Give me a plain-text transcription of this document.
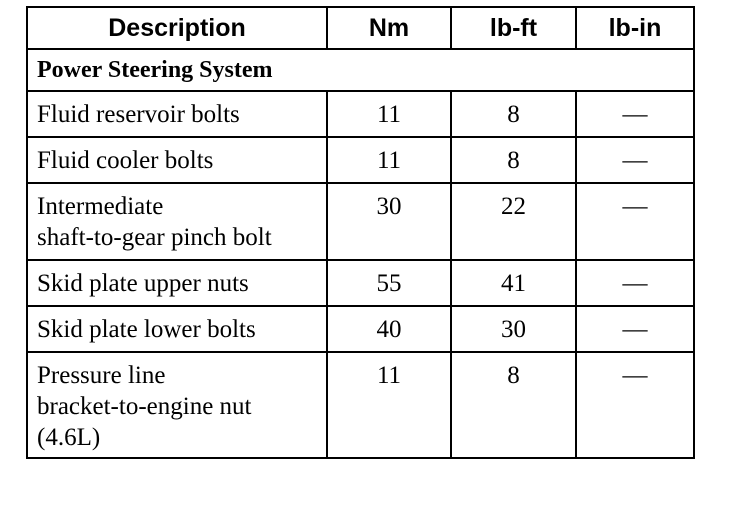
Description	Nm	lb-ft	lb-in
Power Steering System			

Fluid reservoir bolts	11	8	—

Fluid cooler bolts	11	8	—

Intermediate
shaft-to-gear pinch bolt	30	22	—

Skid plate upper nuts	55	41	—

Skid plate lower bolts	40	30	—

Pressure line
bracket-to-engine nut
(4.6L)	11	8	—
